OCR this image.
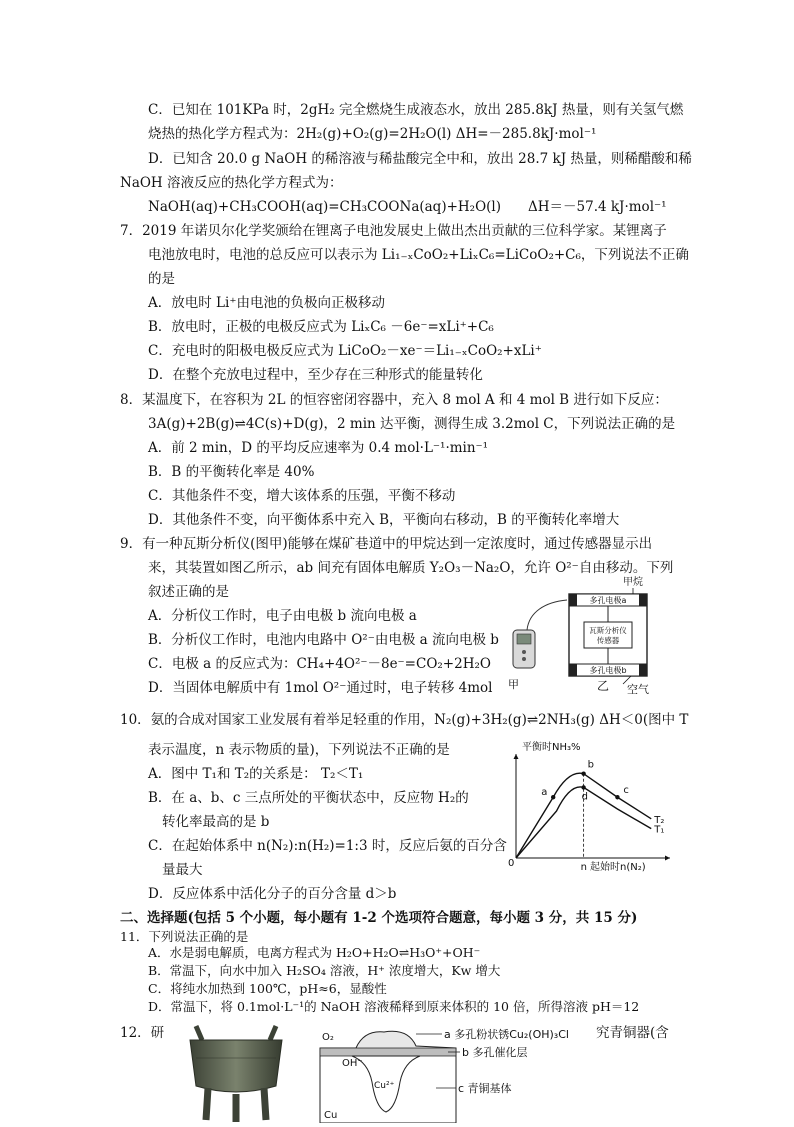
C．已知在 101KPa 时，2gH₂ 完全燃烧生成液态水，放出 285.8kJ 热量，则有关氢气燃
烧热的热化学方程式为：2H₂(g)+O₂(g)=2H₂O(l) ΔH=－285.8kJ·mol⁻¹
D．已知含 20.0 g NaOH 的稀溶液与稀盐酸完全中和，放出 28.7 kJ 热量，则稀醋酸和稀
NaOH 溶液反应的热化学方程式为：
NaOH(aq)+CH₃COOH(aq)=CH₃COONa(aq)+H₂O(l)　　ΔH＝－57.4 kJ·mol⁻¹
7．2019 年诺贝尔化学奖颁给在锂离子电池发展史上做出杰出贡献的三位科学家。某锂离子
电池放电时，电池的总反应可以表示为 Li₁₋ₓCoO₂+LiₓC₆=LiCoO₂+C₆，下列说法不正确
的是
A．放电时 Li⁺由电池的负极向正极移动
B．放电时，正极的电极反应式为 LiₓC₆ －6e⁻=xLi⁺+C₆
C．充电时的阳极电极反应式为 LiCoO₂－xe⁻＝Li₁₋ₓCoO₂+xLi⁺
D．在整个充放电过程中，至少存在三种形式的能量转化
8．某温度下，在容积为 2L 的恒容密闭容器中，充入 8 mol A 和 4 mol B 进行如下反应：
3A(g)+2B(g)⇌4C(s)+D(g)，2 min 达平衡，测得生成 3.2mol C，下列说法正确的是
A．前 2 min，D 的平均反应速率为 0.4 mol·L⁻¹·min⁻¹
B．B 的平衡转化率是 40%
C．其他条件不变，增大该体系的压强，平衡不移动
D．其他条件不变，向平衡体系中充入 B，平衡向右移动，B 的平衡转化率增大
9．有一种瓦斯分析仪(图甲)能够在煤矿巷道中的甲烷达到一定浓度时，通过传感器显示出
来，其装置如图乙所示，ab 间充有固体电解质 Y₂O₃－Na₂O，允许 O²⁻自由移动。下列
叙述正确的是
A．分析仪工作时，电子由电极 b 流向电极 a
B．分析仪工作时，电池内电路中 O²⁻由电极 a 流向电极 b
C．电极 a 的反应式为：CH₄+4O²⁻－8e⁻=CO₂+2H₂O
D．当固体电解质中有 1mol O²⁻通过时，电子转移 4mol
多孔电极a
瓦斯分析仪
传感器
多孔电极b
甲烷
甲	乙 空气
10．氨的合成对国家工业发展有着举足轻重的作用，N₂(g)+3H₂(g)⇌2NH₃(g) ΔH＜0(图中 T
表示温度，n 表示物质的量)，下列说法不正确的是
A．图中 T₁和 T₂的关系是： T₂＜T₁
B．在 a、b、c 三点所处的平衡状态中，反应物 H₂的
转化率最高的是 b
C．在起始体系中 n(N₂):n(H₂)=1:3 时，反应后氨的百分含
量最大
D．反应体系中活化分子的百分含量 d＞b
平衡时NH₃%
起始时n(N₂)
0
T₂
T₁
n
a
b
c
d
二、选择题(包括 5 个小题，每小题有 1-2 个选项符合题意，每小题 3 分，共 15 分)
11．下列说法正确的是
A．水是弱电解质，电离方程式为 H₂O+H₂O⇌H₃O⁺+OH⁻
B．常温下，向水中加入 H₂SO₄ 溶液，H⁺ 浓度增大，Kw 增大
C．将纯水加热到 100℃，pH≈6，显酸性
D．常温下，将 0.1mol·L⁻¹的 NaOH 溶液稀释到原来体积的 10 倍，所得溶液 pH＝12
12．研	究青铜器(含
O₂
OH⁻
Cu²⁺
Cu
a 多孔粉状锈Cu₂(OH)₃Cl
b 多孔催化层
c 青铜基体
